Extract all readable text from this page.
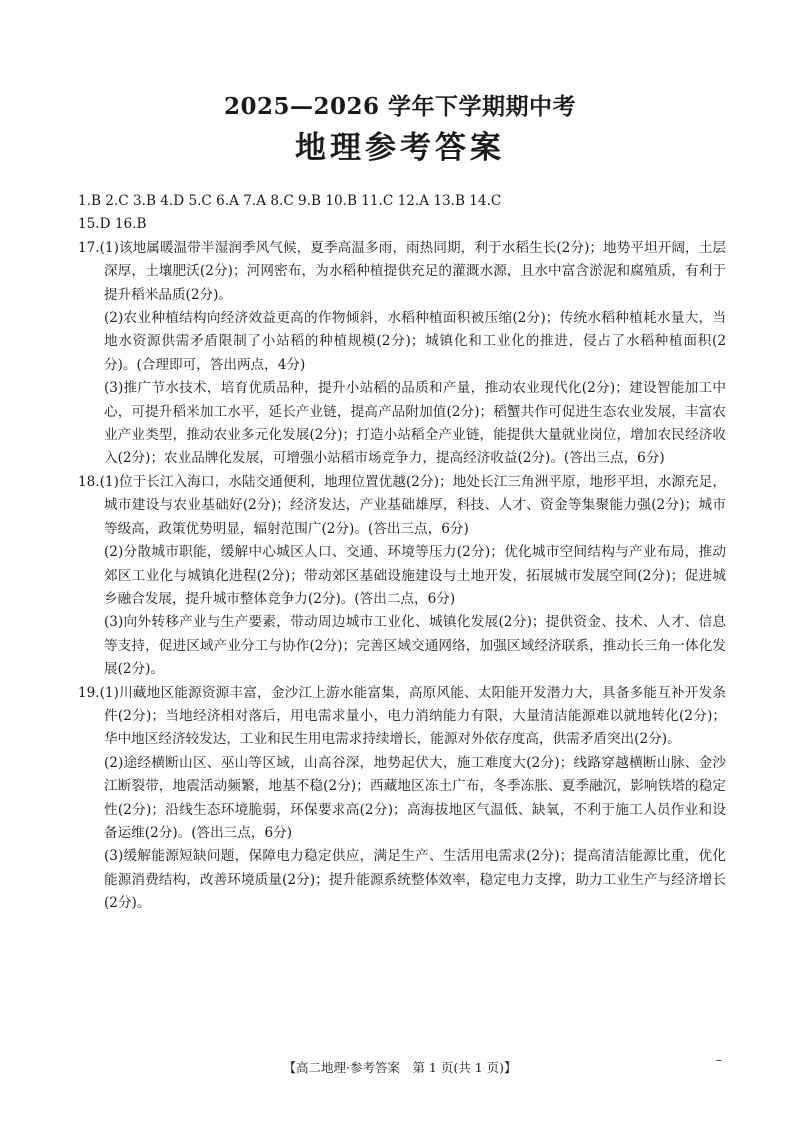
2025—2026 学年下学期期中考
地理参考答案

1.B 2.C 3.B 4.D 5.C 6.A 7.A 8.C 9.B 10.B 11.C 12.A 13.B 14.C

15.D 16.B

17.(1)该地属暖温带半湿润季风气候，夏季高温多雨，雨热同期，利于水稻生长(2分)；地势平坦开阔，土层深厚，土壤肥沃(2分)；河网密布，为水稻种植提供充足的灌溉水源，且水中富含淤泥和腐殖质，有利于提升稻米品质(2分)。

(2)农业种植结构向经济效益更高的作物倾斜，水稻种植面积被压缩(2分)；传统水稻种植耗水量大，当地水资源供需矛盾限制了小站稻的种植规模(2分)；城镇化和工业化的推进，侵占了水稻种植面积(2分)。(合理即可，答出两点，4分)

(3)推广节水技术，培育优质品种，提升小站稻的品质和产量，推动农业现代化(2分)；建设智能加工中心，可提升稻米加工水平，延长产业链，提高产品附加值(2分)；稻蟹共作可促进生态农业发展，丰富农业产业类型，推动农业多元化发展(2分)；打造小站稻全产业链，能提供大量就业岗位，增加农民经济收入(2分)；农业品牌化发展，可增强小站稻市场竞争力，提高经济收益(2分)。(答出三点，6分)

18.(1)位于长江入海口，水陆交通便利，地理位置优越(2分)；地处长江三角洲平原，地形平坦，水源充足，城市建设与农业基础好(2分)；经济发达，产业基础雄厚，科技、人才、资金等集聚能力强(2分)；城市等级高，政策优势明显，辐射范围广(2分)。(答出三点，6分)

(2)分散城市职能，缓解中心城区人口、交通、环境等压力(2分)；优化城市空间结构与产业布局，推动郊区工业化与城镇化进程(2分)；带动郊区基础设施建设与土地开发，拓展城市发展空间(2分)；促进城乡融合发展，提升城市整体竞争力(2分)。(答出二点，6分)

(3)向外转移产业与生产要素，带动周边城市工业化、城镇化发展(2分)；提供资金、技术、人才、信息等支持，促进区域产业分工与协作(2分)；完善区域交通网络，加强区域经济联系，推动长三角一体化发展(2分)。

19.(1)川藏地区能源资源丰富，金沙江上游水能富集，高原风能、太阳能开发潜力大，具备多能互补开发条件(2分)；当地经济相对落后，用电需求量小，电力消纳能力有限，大量清洁能源难以就地转化(2分)；华中地区经济较发达，工业和民生用电需求持续增长，能源对外依存度高，供需矛盾突出(2分)。

(2)途经横断山区、巫山等区域，山高谷深，地势起伏大，施工难度大(2分)；线路穿越横断山脉、金沙江断裂带，地震活动频繁，地基不稳(2分)；西藏地区冻土广布，冬季冻胀、夏季融沉，影响铁塔的稳定性(2分)；沿线生态环境脆弱，环保要求高(2分)；高海拔地区气温低、缺氧，不利于施工人员作业和设备运维(2分)。(答出三点，6分)

(3)缓解能源短缺问题，保障电力稳定供应，满足生产、生活用电需求(2分)；提高清洁能源比重，优化能源消费结构，改善环境质量(2分)；提升能源系统整体效率，稳定电力支撑，助力工业生产与经济增长(2分)。

【高二地理·参考答案　第 1 页(共 1 页)】	–
